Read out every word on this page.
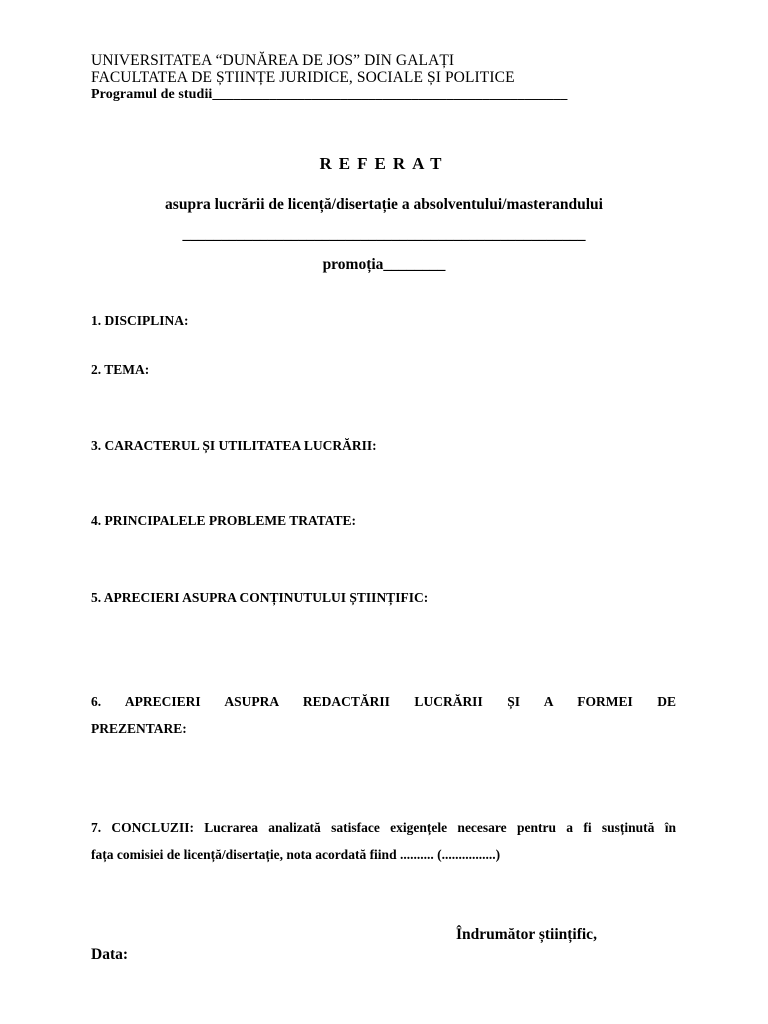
UNIVERSITATEA “DUNĂREA DE JOS” DIN GALAȚI
FACULTATEA DE ȘTIINȚE JURIDICE, SOCIALE ȘI POLITICE
Programul de studii__________________________________________________
REFERAT
asupra lucrării de licență/disertație a absolventului/masterandului
____________________________________________________
promoția________
1. DISCIPLINA:
2. TEMA:
3. CARACTERUL ȘI UTILITATEA LUCRĂRII:
4. PRINCIPALELE PROBLEME TRATATE:
5. APRECIERI ASUPRA CONȚINUTULUI ȘTIINȚIFIC:
6. APRECIERI ASUPRA REDACTĂRII LUCRĂRII ȘI A FORMEI DE
PREZENTARE:
7. CONCLUZII: Lucrarea analizată satisface exigențele necesare pentru a fi susținută în
fața comisiei de licență/disertație, nota acordată fiind .......... (................)
Îndrumător științific,
Data:
